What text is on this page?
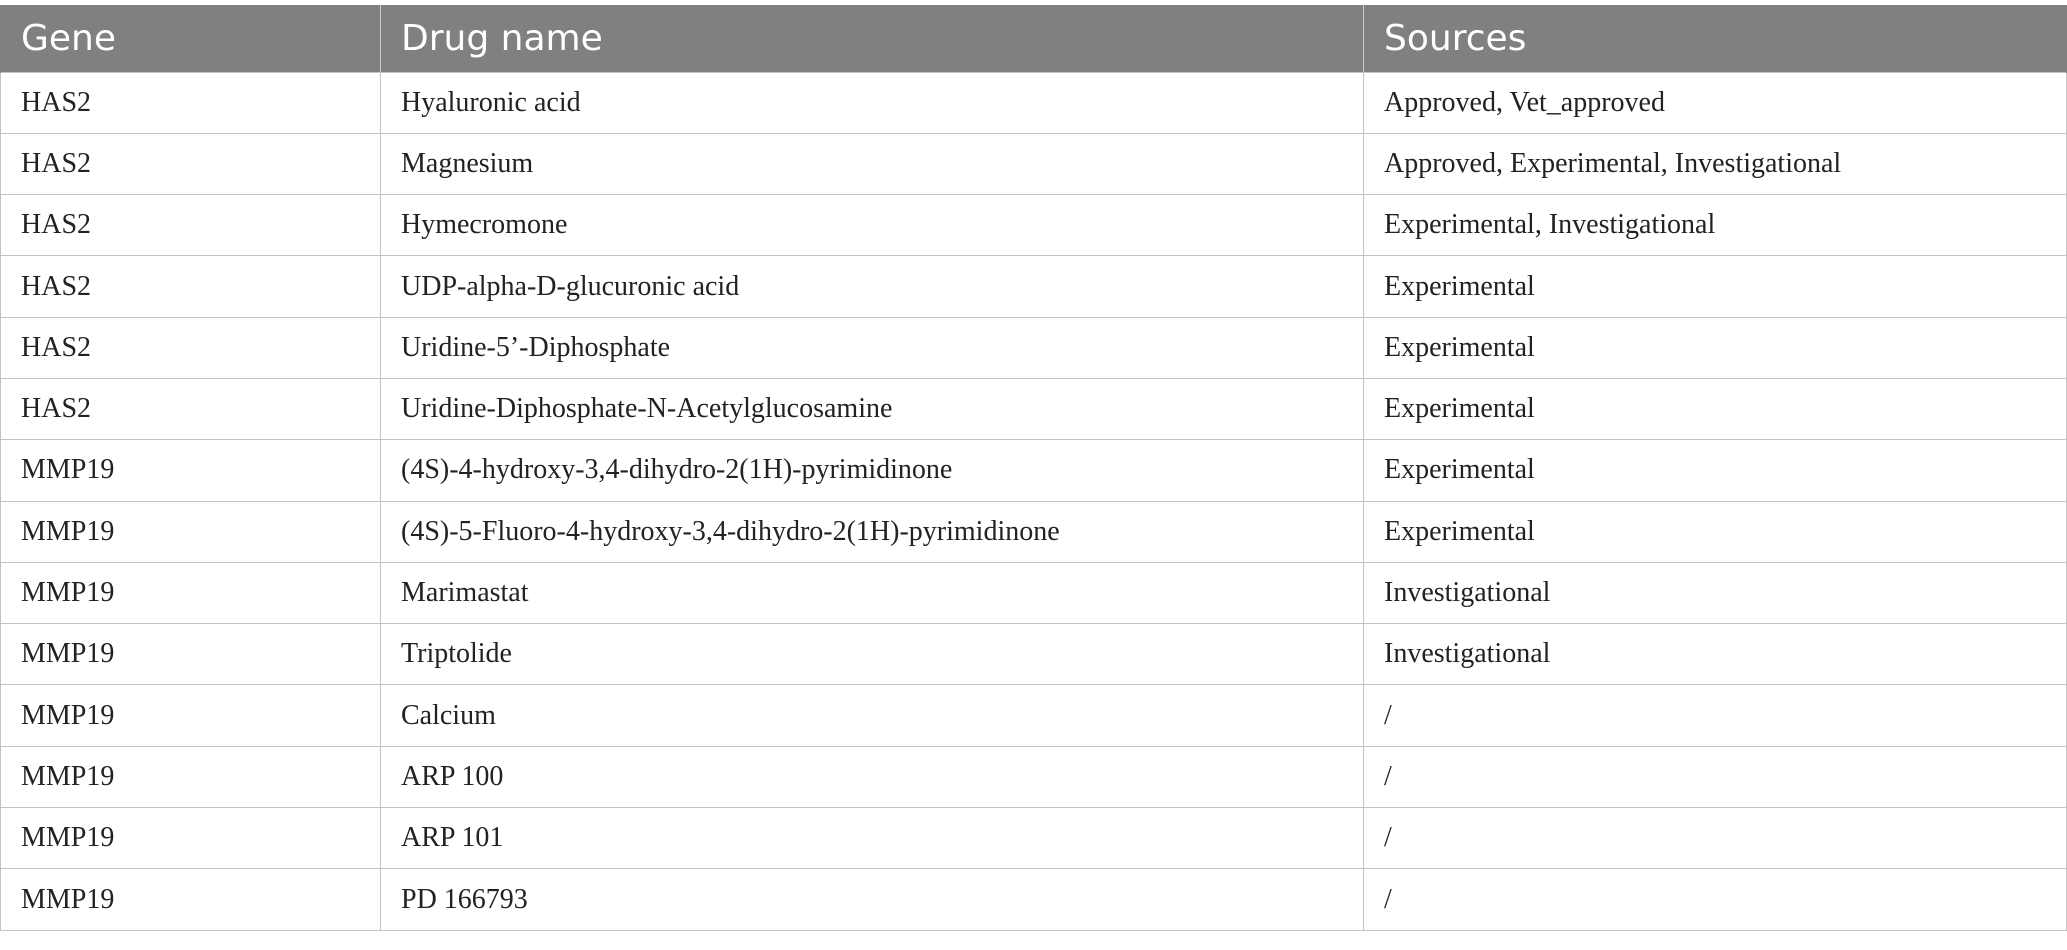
Gene	Drug name	Sources
HAS2	Hyaluronic acid	Approved, Vet_approved
HAS2	Magnesium	Approved, Experimental, Investigational
HAS2	Hymecromone	Experimental, Investigational
HAS2	UDP-alpha-D-glucuronic acid	Experimental
HAS2	Uridine-5’-Diphosphate	Experimental
HAS2	Uridine-Diphosphate-N-Acetylglucosamine	Experimental
MMP19	(4S)-4-hydroxy-3,4-dihydro-2(1H)-pyrimidinone	Experimental
MMP19	(4S)-5-Fluoro-4-hydroxy-3,4-dihydro-2(1H)-pyrimidinone	Experimental
MMP19	Marimastat	Investigational
MMP19	Triptolide	Investigational
MMP19	Calcium	/
MMP19	ARP 100	/
MMP19	ARP 101	/
MMP19	PD 166793	/
